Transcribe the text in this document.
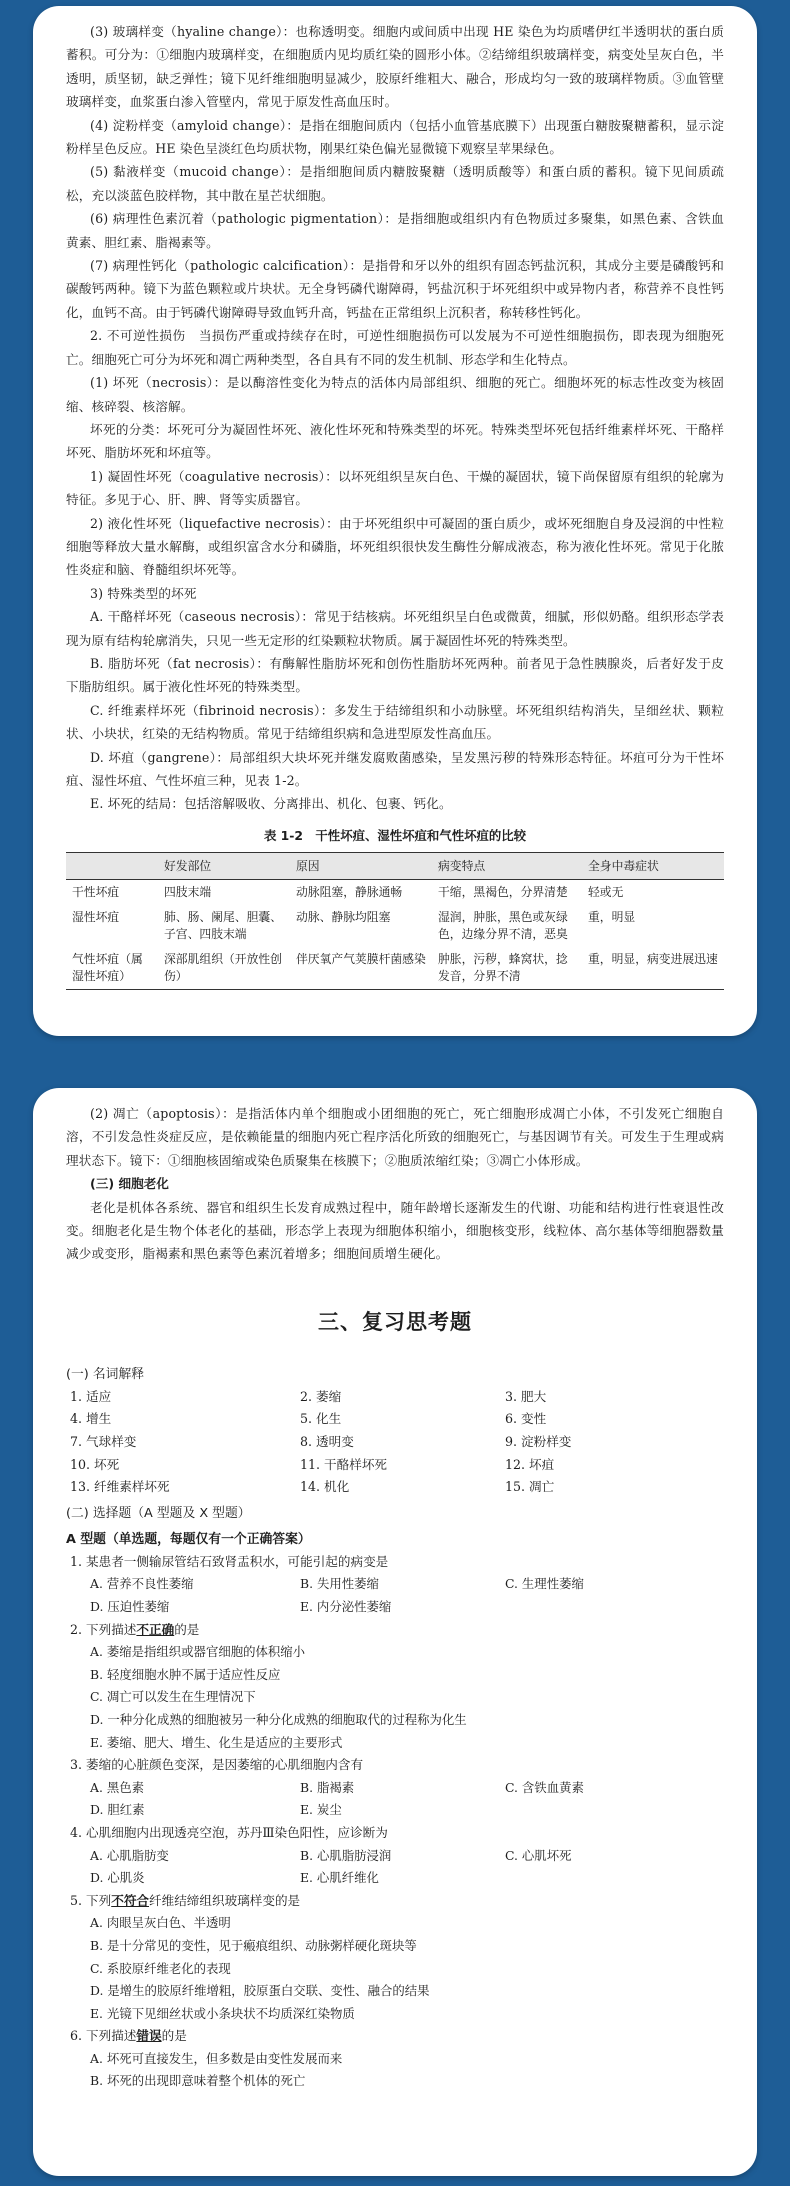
(3) 玻璃样变（hyaline change）：也称透明变。细胞内或间质中出现 HE 染色为均质嗜伊红半透明状的蛋白质蓄积。可分为：①细胞内玻璃样变，在细胞质内见均质红染的圆形小体。②结缔组织玻璃样变，病变处呈灰白色，半透明，质坚韧，缺乏弹性；镜下见纤维细胞明显减少，胶原纤维粗大、融合，形成均匀一致的玻璃样物质。③血管壁玻璃样变，血浆蛋白渗入管壁内，常见于原发性高血压时。

(4) 淀粉样变（amyloid change）：是指在细胞间质内（包括小血管基底膜下）出现蛋白糖胺聚糖蓄积，显示淀粉样呈色反应。HE 染色呈淡红色均质状物，刚果红染色偏光显微镜下观察呈苹果绿色。

(5) 黏液样变（mucoid change）：是指细胞间质内糖胺聚糖（透明质酸等）和蛋白质的蓄积。镜下见间质疏松，充以淡蓝色胶样物，其中散在星芒状细胞。

(6) 病理性色素沉着（pathologic pigmentation）：是指细胞或组织内有色物质过多聚集，如黑色素、含铁血黄素、胆红素、脂褐素等。

(7) 病理性钙化（pathologic calcification）：是指骨和牙以外的组织有固态钙盐沉积，其成分主要是磷酸钙和碳酸钙两种。镜下为蓝色颗粒或片块状。无全身钙磷代谢障碍，钙盐沉积于坏死组织中或异物内者，称营养不良性钙化，血钙不高。由于钙磷代谢障碍导致血钙升高，钙盐在正常组织上沉积者，称转移性钙化。

2. 不可逆性损伤　当损伤严重或持续存在时，可逆性细胞损伤可以发展为不可逆性细胞损伤，即表现为细胞死亡。细胞死亡可分为坏死和凋亡两种类型，各自具有不同的发生机制、形态学和生化特点。

(1) 坏死（necrosis）：是以酶溶性变化为特点的活体内局部组织、细胞的死亡。细胞坏死的标志性改变为核固缩、核碎裂、核溶解。

坏死的分类：坏死可分为凝固性坏死、液化性坏死和特殊类型的坏死。特殊类型坏死包括纤维素样坏死、干酪样坏死、脂肪坏死和坏疽等。

1) 凝固性坏死（coagulative necrosis）：以坏死组织呈灰白色、干燥的凝固状，镜下尚保留原有组织的轮廓为特征。多见于心、肝、脾、肾等实质器官。

2) 液化性坏死（liquefactive necrosis）：由于坏死组织中可凝固的蛋白质少，或坏死细胞自身及浸润的中性粒细胞等释放大量水解酶，或组织富含水分和磷脂，坏死组织很快发生酶性分解成液态，称为液化性坏死。常见于化脓性炎症和脑、脊髓组织坏死等。

3) 特殊类型的坏死

A. 干酪样坏死（caseous necrosis）：常见于结核病。坏死组织呈白色或微黄，细腻，形似奶酪。组织形态学表现为原有结构轮廓消失，只见一些无定形的红染颗粒状物质。属于凝固性坏死的特殊类型。

B. 脂肪坏死（fat necrosis）：有酶解性脂肪坏死和创伤性脂肪坏死两种。前者见于急性胰腺炎，后者好发于皮下脂肪组织。属于液化性坏死的特殊类型。

C. 纤维素样坏死（fibrinoid necrosis）：多发生于结缔组织和小动脉壁。坏死组织结构消失，呈细丝状、颗粒状、小块状，红染的无结构物质。常见于结缔组织病和急进型原发性高血压。

D. 坏疽（gangrene）：局部组织大块坏死并继发腐败菌感染，呈发黑污秽的特殊形态特征。坏疽可分为干性坏疽、湿性坏疽、气性坏疽三种，见表 1-2。

E. 坏死的结局：包括溶解吸收、分离排出、机化、包裹、钙化。

表 1-2　干性坏疽、湿性坏疽和气性坏疽的比较
	好发部位	原因	病变特点	全身中毒症状
干性坏疽	四肢末端	动脉阻塞，静脉通畅	干缩，黑褐色，分界清楚	轻或无
湿性坏疽	肺、肠、阑尾、胆囊、子宫、四肢末端	动脉、静脉均阻塞	湿润，肿胀，黑色或灰绿色，边缘分界不清，恶臭	重，明显
气性坏疽（属湿性坏疽）	深部肌组织（开放性创伤）	伴厌氧产气荚膜杆菌感染	肿胀，污秽，蜂窝状，捻发音，分界不清	重，明显，病变进展迅速

(2) 凋亡（apoptosis）：是指活体内单个细胞或小团细胞的死亡，死亡细胞形成凋亡小体，不引发死亡细胞自溶，不引发急性炎症反应，是依赖能量的细胞内死亡程序活化所致的细胞死亡，与基因调节有关。可发生于生理或病理状态下。镜下：①细胞核固缩或染色质聚集在核膜下；②胞质浓缩红染；③凋亡小体形成。

(三) 细胞老化

老化是机体各系统、器官和组织生长发育成熟过程中，随年龄增长逐渐发生的代谢、功能和结构进行性衰退性改变。细胞老化是生物个体老化的基础，形态学上表现为细胞体积缩小，细胞核变形，线粒体、高尔基体等细胞器数量减少或变形，脂褐素和黑色素等色素沉着增多；细胞间质增生硬化。

三、复习思考题
(一) 名词解释
1. 适应	2. 萎缩	3. 肥大
4. 增生	5. 化生	6. 变性
7. 气球样变	8. 透明变	9. 淀粉样变
10. 坏死	11. 干酪样坏死	12. 坏疽
13. 纤维素样坏死	14. 机化	15. 凋亡
(二) 选择题（A 型题及 X 型题）
A 型题（单选题，每题仅有一个正确答案）
1. 某患者一侧输尿管结石致肾盂积水，可能引起的病变是
A. 营养不良性萎缩	B. 失用性萎缩	C. 生理性萎缩
D. 压迫性萎缩	E. 内分泌性萎缩
2. 下列描述不正确的是
A. 萎缩是指组织或器官细胞的体积缩小
B. 轻度细胞水肿不属于适应性反应
C. 凋亡可以发生在生理情况下
D. 一种分化成熟的细胞被另一种分化成熟的细胞取代的过程称为化生
E. 萎缩、肥大、增生、化生是适应的主要形式
3. 萎缩的心脏颜色变深，是因萎缩的心肌细胞内含有
A. 黑色素	B. 脂褐素	C. 含铁血黄素
D. 胆红素	E. 炭尘
4. 心肌细胞内出现透亮空泡，苏丹Ⅲ染色阳性，应诊断为
A. 心肌脂肪变	B. 心肌脂肪浸润	C. 心肌坏死
D. 心肌炎	E. 心肌纤维化
5. 下列不符合纤维结缔组织玻璃样变的是
A. 肉眼呈灰白色、半透明
B. 是十分常见的变性，见于瘢痕组织、动脉粥样硬化斑块等
C. 系胶原纤维老化的表现
D. 是增生的胶原纤维增粗，胶原蛋白交联、变性、融合的结果
E. 光镜下见细丝状或小条块状不均质深红染物质
6. 下列描述错误的是
A. 坏死可直接发生，但多数是由变性发展而来
B. 坏死的出现即意味着整个机体的死亡
